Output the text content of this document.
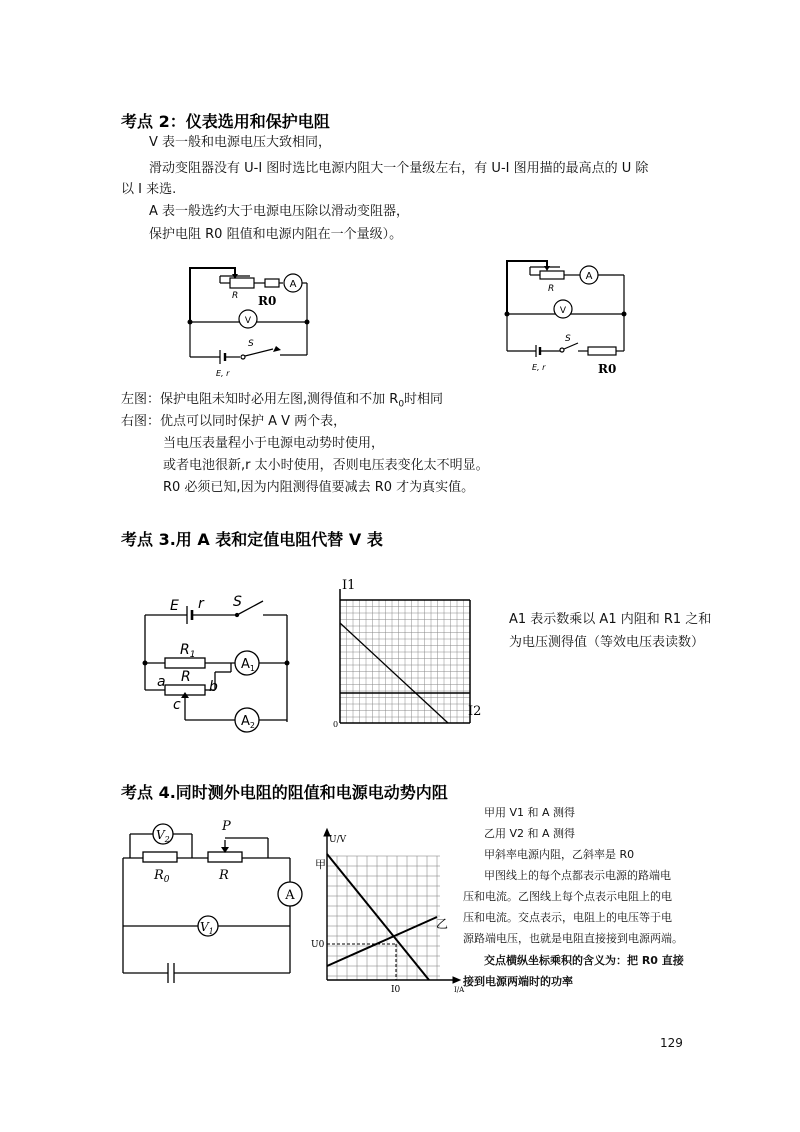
考点 2：仪表选用和保护电阻
V 表一般和电源电压大致相同，
滑动变阻器没有 U-I 图时选比电源内阻大一个量级左右，有 U-I 图用描的最高点的 U 除
以 I 来选.
A 表一般选约大于电源电压除以滑动变阻器，
保护电阻 R0 阻值和电源内阻在一个量级）。
R R0
A
V
S
E, r
A
R
V
S
E, r	R0
左图：保护电阻未知时必用左图,测得值和不加 $R_0$时相同
右图：优点可以同时保护 A V 两个表，
当电压表量程小于电源电动势时使用，
或者电池很新,r 太小时使用，否则电压表变化太不明显。
R0 必须已知,因为内阻测得值要减去 R0 才为真实值。
考点 3.用 A 表和定值电阻代替 V 表
E r S
$R_1$
R
$A_1$
$A_2$
a	b
c
I1
I2
0
A1 表示数乘以 A1 内阻和 R1 之和
为电压测得值（等效电压表读数）
考点 4.同时测外电阻的阻值和电源电动势内阻
$V_2$
P
$R_0$	R
A
$V_1$
U/V
甲
乙
U0
I0	I/A
甲用 V1 和 A 测得
乙用 V2 和 A 测得
甲斜率电源内阻，乙斜率是 R0
甲图线上的每个点都表示电源的路端电
压和电流。乙图线上每个点表示电阻上的电
压和电流。交点表示，电阻上的电压等于电
源路端电压，也就是电阻直接接到电源两端。
交点横纵坐标乘积的含义为：把 R0 直接
接到电源两端时的功率
129
